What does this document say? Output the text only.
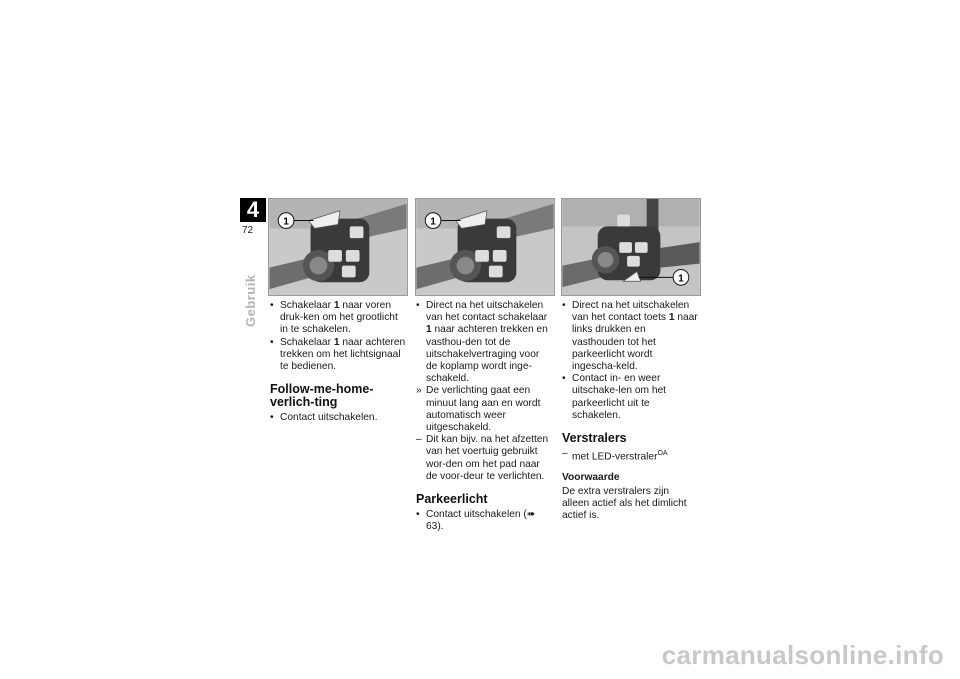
4
72
Gebruik
1	1
1

• Schakelaar 1 naar voren druk-ken om het grootlicht in te schakelen.

• Schakelaar 1 naar achteren trekken om het lichtsignaal te bedienen.

Follow-me-home-verlich-ting

• Contact uitschakelen.

• Direct na het uitschakelen van het contact schakelaar 1 naar achteren trekken en vasthou-den tot de uitschakelvertraging voor de koplamp wordt inge-schakeld.

» De verlichting gaat een minuut lang aan en wordt automatisch weer uitgeschakeld.

– Dit kan bijv. na het afzetten van het voertuig gebruikt wor-den om het pad naar de voor-deur te verlichten.

Parkeerlicht

• Contact uitschakelen (➠ 63).

• Direct na het uitschakelen van het contact toets 1 naar links drukken en vasthouden tot het parkeerlicht wordt ingescha-keld.

• Contact in- en weer uitschake-len om het parkeerlicht uit te schakelen.

Verstralers

– met LED-verstraler$^{OA}$

Voorwaarde

De extra verstralers zijn alleen actief als het dimlicht actief is.

carmanualsonline.info
